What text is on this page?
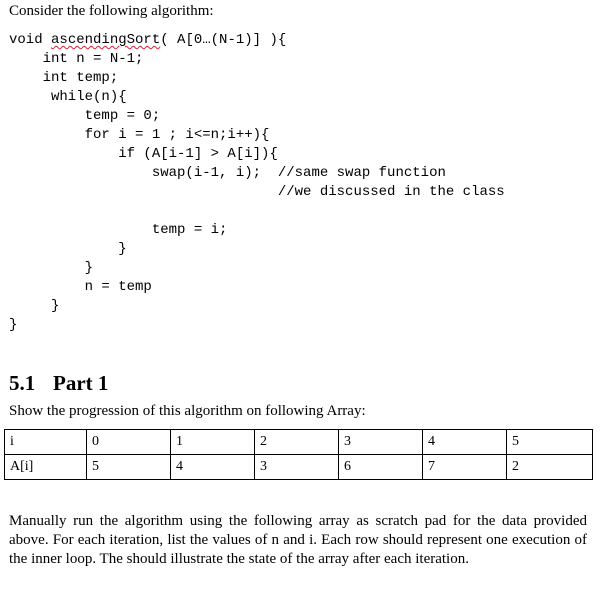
Consider the following algorithm:
void ascendingSort( A[0…(N-1)] ){
int n = N-1;
int temp;
while(n){
temp = 0;
for i = 1 ; i<=n;i++){
if (A[i-1] > A[i]){
swap(i-1, i);  //same swap function
//we discussed in the class

temp = i;
}
}
n = temp
}
}
5.1 Part 1
Show the progression of this algorithm on following Array:
i	0	1	2	3	4	5
A[i]	5	4	3	6	7	2
Manually run the algorithm using the following array as scratch pad for the data provided above. For each iteration, list the values of n and i. Each row should represent one execution of the inner loop. The should illustrate the state of the array after each iteration.
